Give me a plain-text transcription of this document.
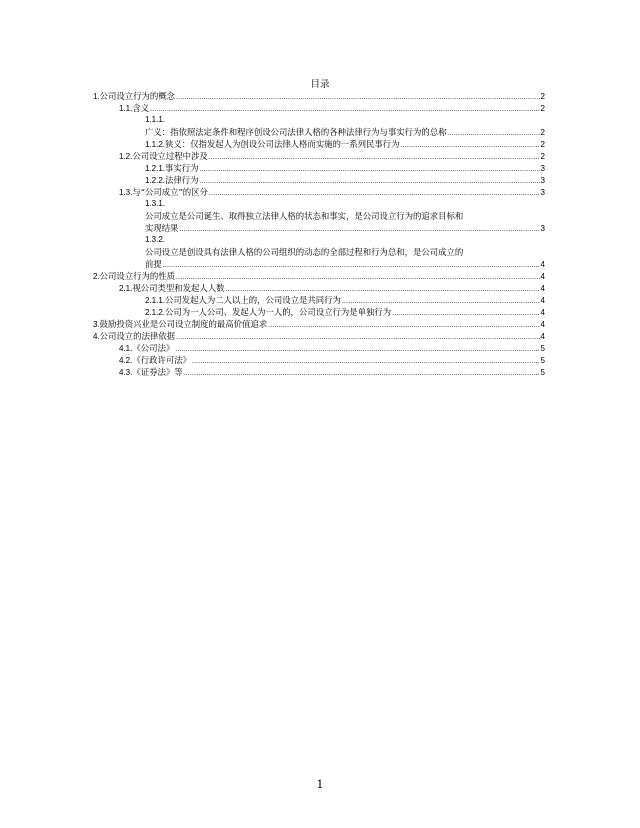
目录
1. 公司设立行为的概念 .....	2
1.1. 含义 .....	2
1.1.1.
广义：指依照法定条件和程序创设公司法律人格的各种法律行为与事实行为的总称 .....	2
1.1.2. 狭义：仅指发起人为创设公司法律人格而实施的一系列民事行为 .....	2
1.2. 公司设立过程中涉及 .....	2
1.2.1. 事实行为 .....	3
1.2.2. 法律行为 .....	3
1.3. 与“公司成立”的区分 .....	3
1.3.1.
公司成立是公司诞生、取得独立法律人格的状态和事实，是公司设立行为的追求目标和
实现结果 .....	3
1.3.2.
公司设立是创设具有法律人格的公司组织的动态的全部过程和行为总和，是公司成立的
前提 .....	4
2. 公司设立行为的性质 .....	4
2.1. 视公司类型和发起人人数 .....	4
2.1.1. 公司发起人为二人以上的，公司设立是共同行为 .....	4
2.1.2. 公司为一人公司、发起人为一人的，公司设立行为是单独行为 .....	4
3. 鼓励投资兴业是公司设立制度的最高价值追求 .....	4
4. 公司设立的法律依据 .....	4
4.1. 《公司法》 .....	5
4.2. 《行政许可法》 .....	5
4.3. 《证券法》等 .....	5
1
